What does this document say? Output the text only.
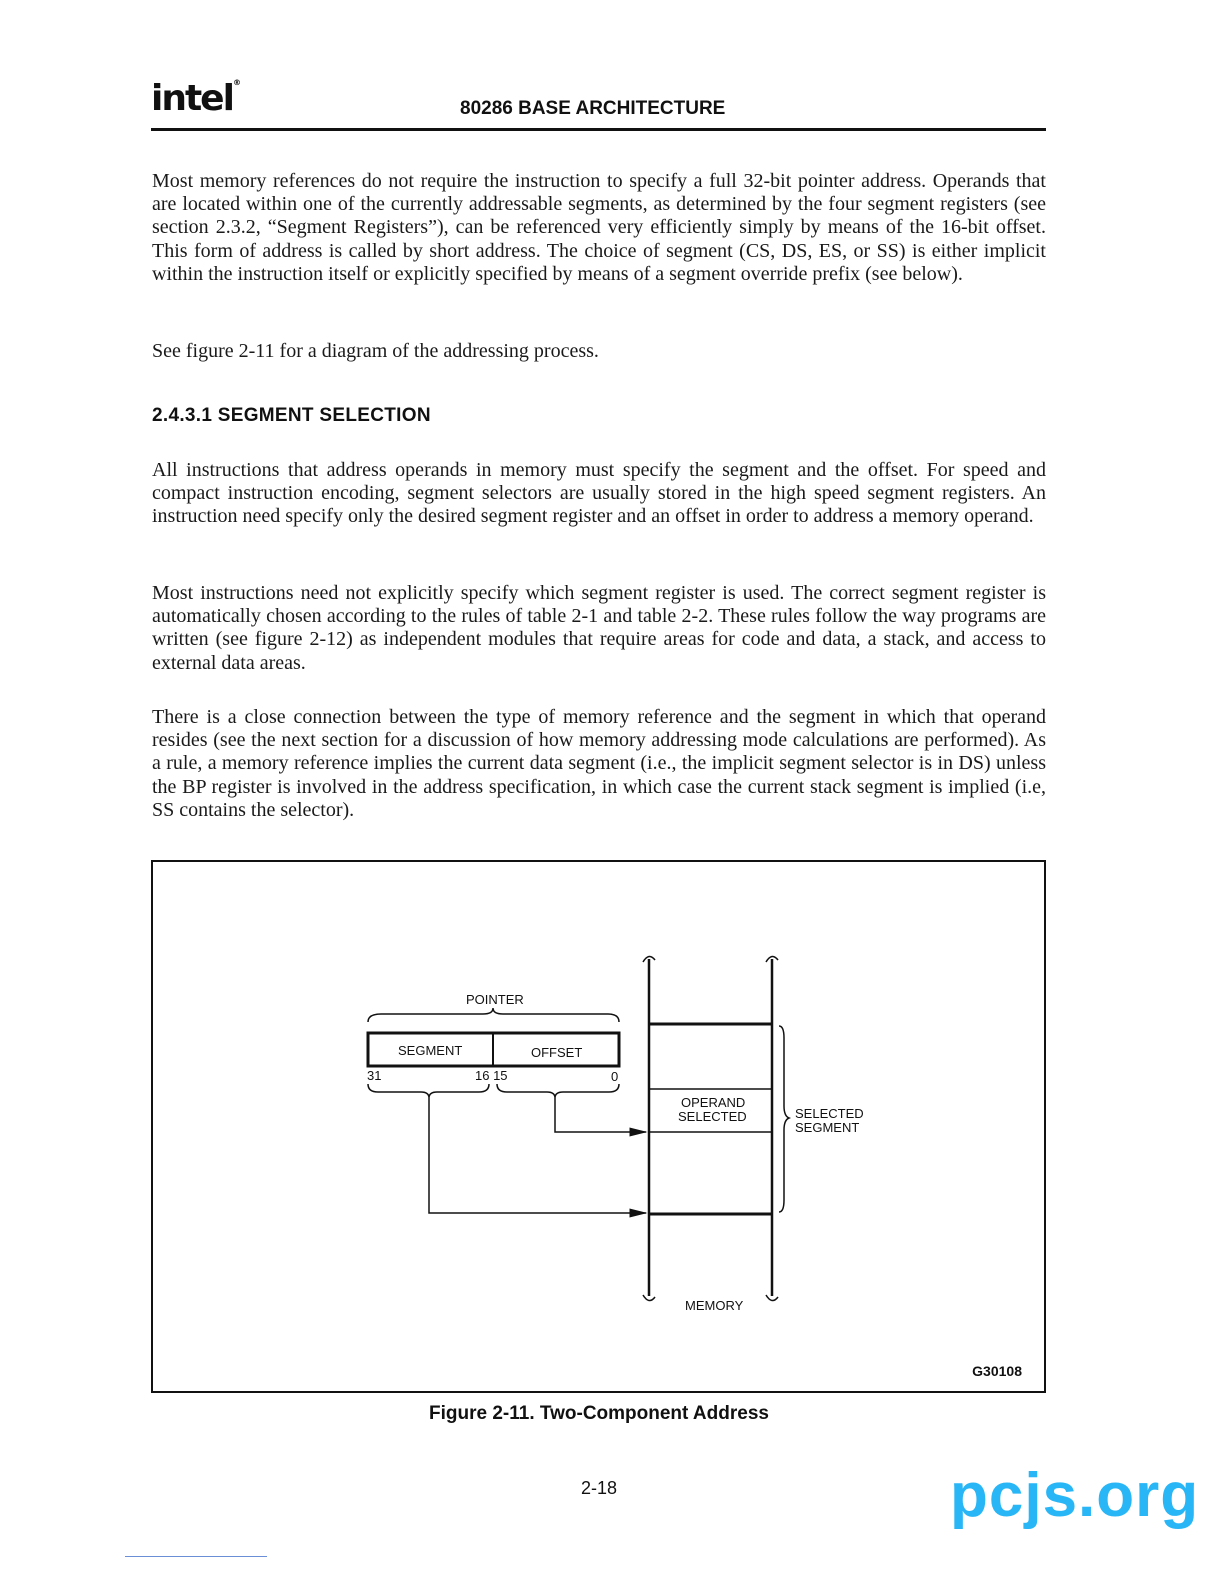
intel®
80286 BASE ARCHITECTURE

Most memory references do not require the instruction to specify a full 32-bit pointer address. Operands that are located within one of the currently addressable segments, as determined by the four segment registers (see section 2.3.2, “Segment Registers”), can be referenced very efficiently simply by means of the 16-bit offset. This form of address is called by short address. The choice of segment (CS, DS, ES, or SS) is either implicit within the instruction itself or explicitly specified by means of a segment override prefix (see below).

See figure 2-11 for a diagram of the addressing process.

2.4.3.1 SEGMENT SELECTION

All instructions that address operands in memory must specify the segment and the offset. For speed and compact instruction encoding, segment selectors are usually stored in the high speed segment registers. An instruction need specify only the desired segment register and an offset in order to address a memory operand.

Most instructions need not explicitly specify which segment register is used. The correct segment register is automatically chosen according to the rules of table 2-1 and table 2-2. These rules follow the way programs are written (see figure 2-12) as independent modules that require areas for code and data, a stack, and access to external data areas.

There is a close connection between the type of memory reference and the segment in which that operand resides (see the next section for a discussion of how memory addressing mode calculations are performed). As a rule, a memory reference implies the current data segment (i.e., the implicit segment selector is in DS) unless the BP register is involved in the address specification, in which case the current stack segment is implied (i.e, SS contains the selector).

POINTER
SEGMENT	OFFSET
31	16 15	0
OPERAND
SELECTED	SELECTED
SEGMENT
MEMORY
G30108
Figure 2-11. Two-Component Address
2-18	pcjs.org
